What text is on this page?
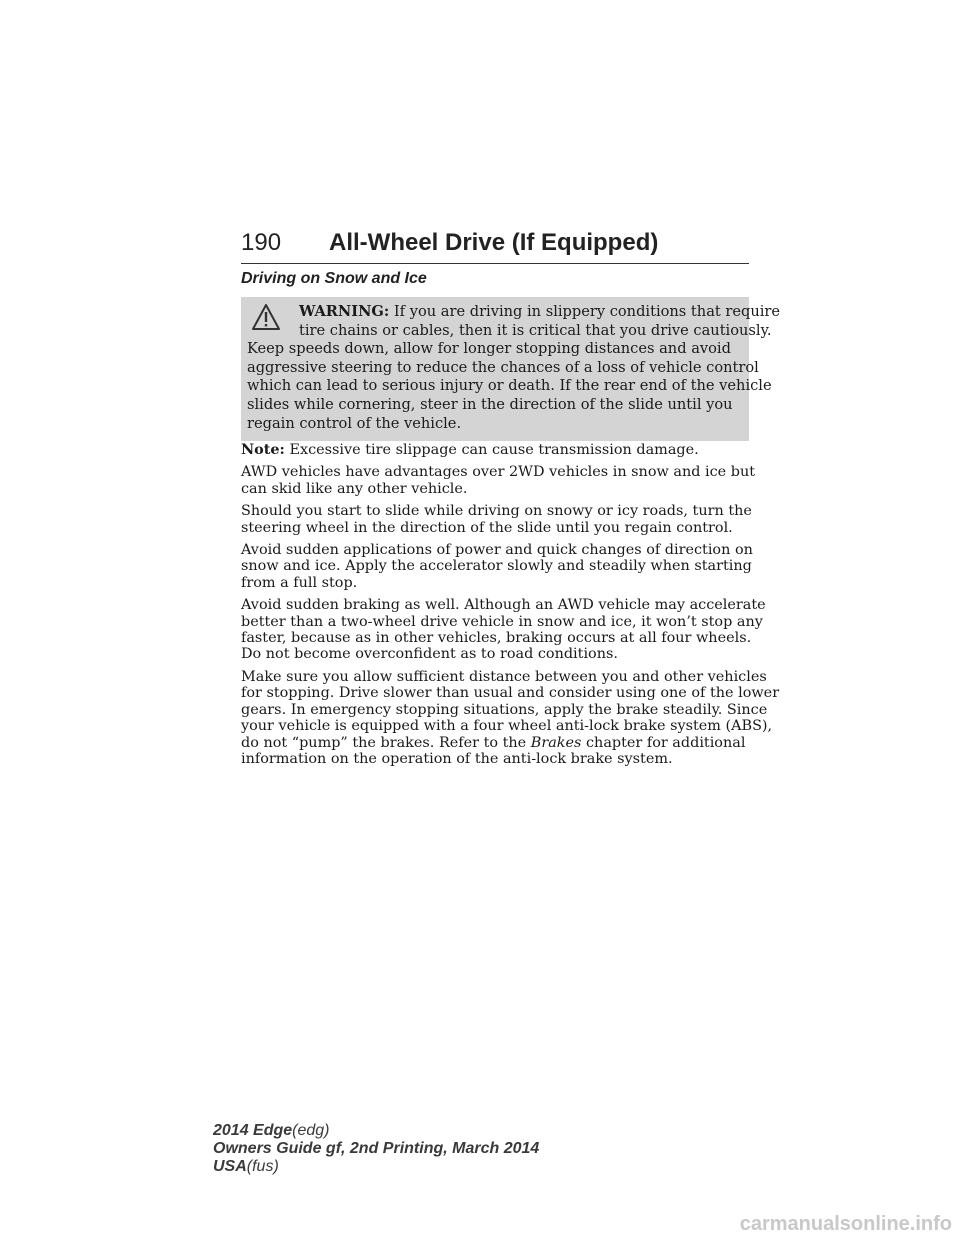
190 All-Wheel Drive (If Equipped)
Driving on Snow and Ice
WARNING: If you are driving in slippery conditions that require
tire chains or cables, then it is critical that you drive cautiously.
Keep speeds down, allow for longer stopping distances and avoid
aggressive steering to reduce the chances of a loss of vehicle control
which can lead to serious injury or death. If the rear end of the vehicle
slides while cornering, steer in the direction of the slide until you
regain control of the vehicle.

Note: Excessive tire slippage can cause transmission damage.

AWD vehicles have advantages over 2WD vehicles in snow and ice but
can skid like any other vehicle.

Should you start to slide while driving on snowy or icy roads, turn the
steering wheel in the direction of the slide until you regain control.

Avoid sudden applications of power and quick changes of direction on
snow and ice. Apply the accelerator slowly and steadily when starting
from a full stop.

Avoid sudden braking as well. Although an AWD vehicle may accelerate
better than a two-wheel drive vehicle in snow and ice, it won’t stop any
faster, because as in other vehicles, braking occurs at all four wheels.
Do not become overconfident as to road conditions.

Make sure you allow sufficient distance between you and other vehicles
for stopping. Drive slower than usual and consider using one of the lower
gears. In emergency stopping situations, apply the brake steadily. Since
your vehicle is equipped with a four wheel anti-lock brake system (ABS),
do not “pump” the brakes. Refer to the Brakes chapter for additional
information on the operation of the anti-lock brake system.

2014 Edge(edg)
Owners Guide gf, 2nd Printing, March 2014
USA(fus)
carmanualsonline.info
